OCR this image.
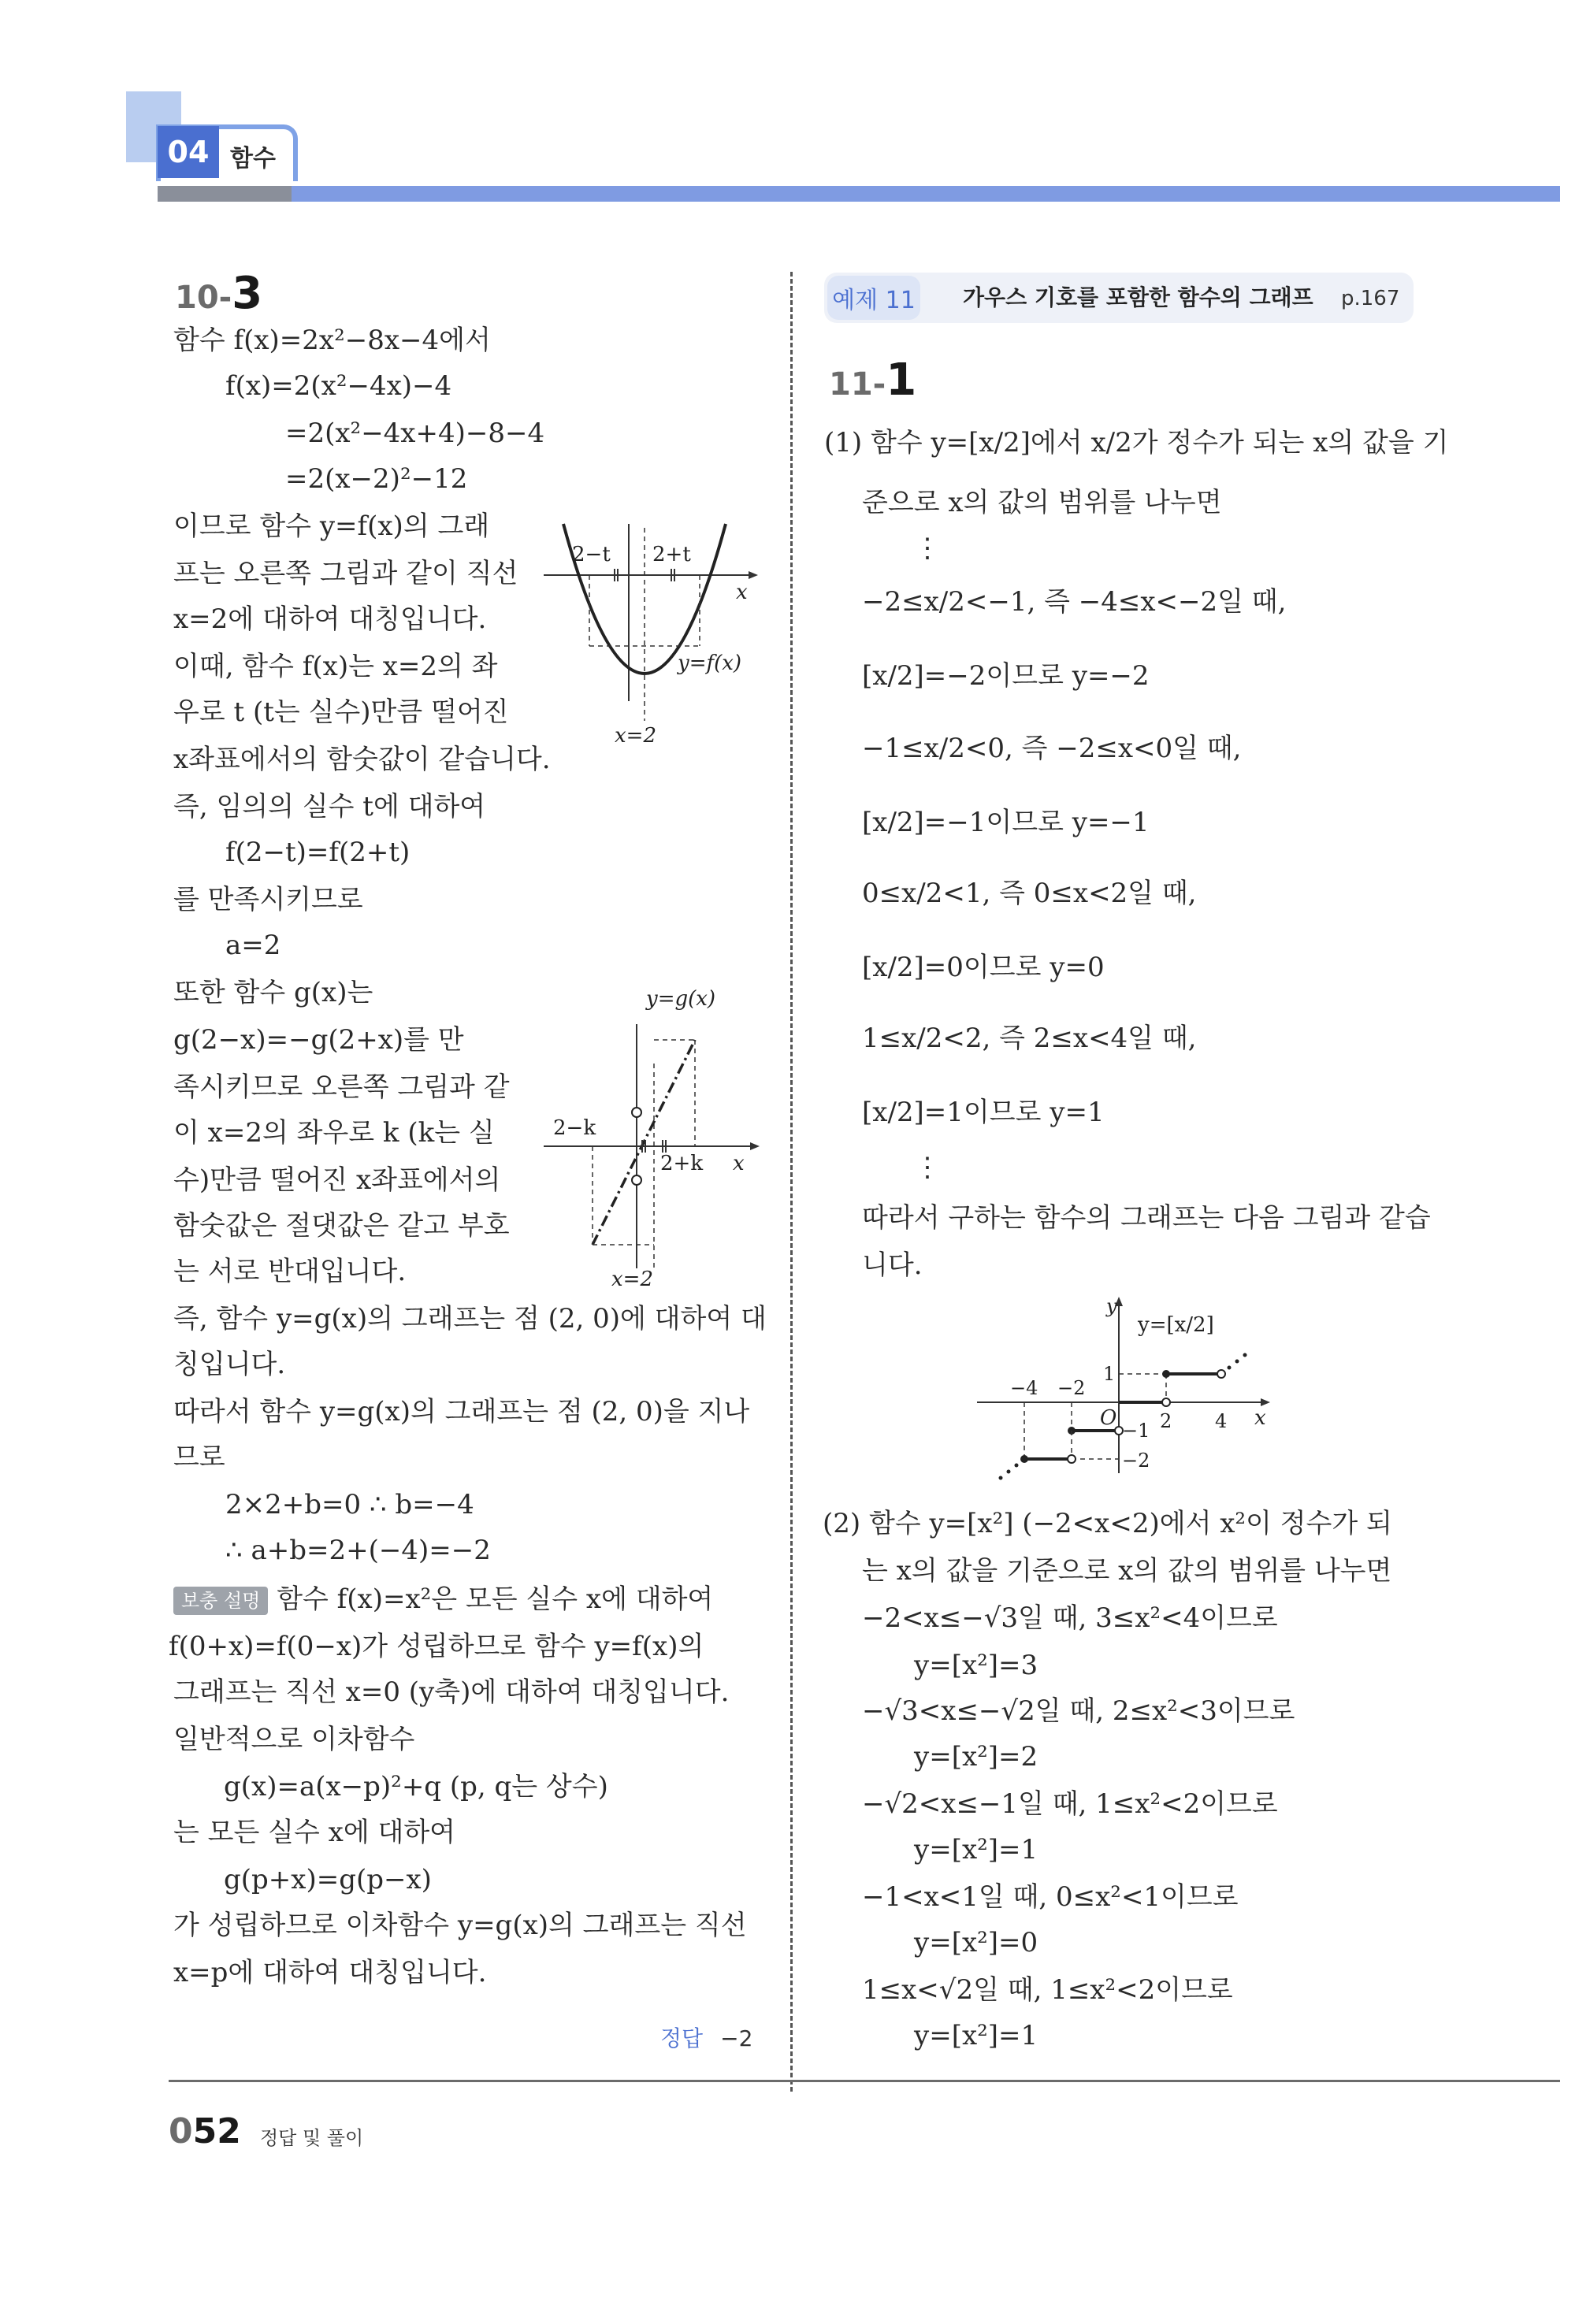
04 함수
10-3
함수 f(x)=2x²−8x−4에서
f(x)=2(x²−4x)−4
=2(x²−4x+4)−8−4
=2(x−2)²−12
이므로 함수 y=f(x)의 그래
프는 오른쪽 그림과 같이 직선
x=2에 대하여 대칭입니다.
이때, 함수 f(x)는 x=2의 좌
우로 t (t는 실수)만큼 떨어진
x좌표에서의 함숫값이 같습니다.
즉, 임의의 실수 t에 대하여
f(2−t)=f(2+t)
를 만족시키므로
a=2
또한 함수 g(x)는
g(2−x)=−g(2+x)를 만
족시키므로 오른쪽 그림과 같
이 x=2의 좌우로 k (k는 실
수)만큼 떨어진 x좌표에서의
함숫값은 절댓값은 같고 부호
는 서로 반대입니다.
즉, 함수 y=g(x)의 그래프는 점 (2, 0)에 대하여 대
칭입니다.
따라서 함수 y=g(x)의 그래프는 점 (2, 0)을 지나
므로
2×2+b=0 ∴ b=−4
∴ a+b=2+(−4)=−2
보충 설명 함수 f(x)=x²은 모든 실수 x에 대하여
f(0+x)=f(0−x)가 성립하므로 함수 y=f(x)의
그래프는 직선 x=0 (y축)에 대하여 대칭입니다.
일반적으로 이차함수
g(x)=a(x−p)²+q (p, q는 상수)
는 모든 실수 x에 대하여
g(p+x)=g(p−x)
가 성립하므로 이차함수 y=g(x)의 그래프는 직선
x=p에 대하여 대칭입니다.
정답 −2
2−t 2+t
x
y=f(x)
x=2
y=g(x)
2−k
2+k x
x=2
예제 11 가우스 기호를 포함한 함수의 그래프 p.167
11-1
(1) 함수 y=[x/2]에서 x/2가 정수가 되는 x의 값을 기
준으로 x의 값의 범위를 나누면
⋮
−2≤x/2<−1, 즉 −4≤x<−2일 때,
[x/2]=−2이므로 y=−2
−1≤x/2<0, 즉 −2≤x<0일 때,
[x/2]=−1이므로 y=−1
0≤x/2<1, 즉 0≤x<2일 때,
[x/2]=0이므로 y=0
1≤x/2<2, 즉 2≤x<4일 때,
[x/2]=1이므로 y=1
⋮
따라서 구하는 함수의 그래프는 다음 그림과 같습
니다.
y
y=[x/2]
−4 −2
1
O
−1
−2
2 4 x
(2) 함수 y=[x²] (−2<x<2)에서 x²이 정수가 되
는 x의 값을 기준으로 x의 값의 범위를 나누면
−2<x≤−√3일 때, 3≤x²<4이므로
y=[x²]=3
−√3<x≤−√2일 때, 2≤x²<3이므로
y=[x²]=2
−√2<x≤−1일 때, 1≤x²<2이므로
y=[x²]=1
−1<x<1일 때, 0≤x²<1이므로
y=[x²]=0
1≤x<√2일 때, 1≤x²<2이므로
y=[x²]=1
052 정답 및 풀이
